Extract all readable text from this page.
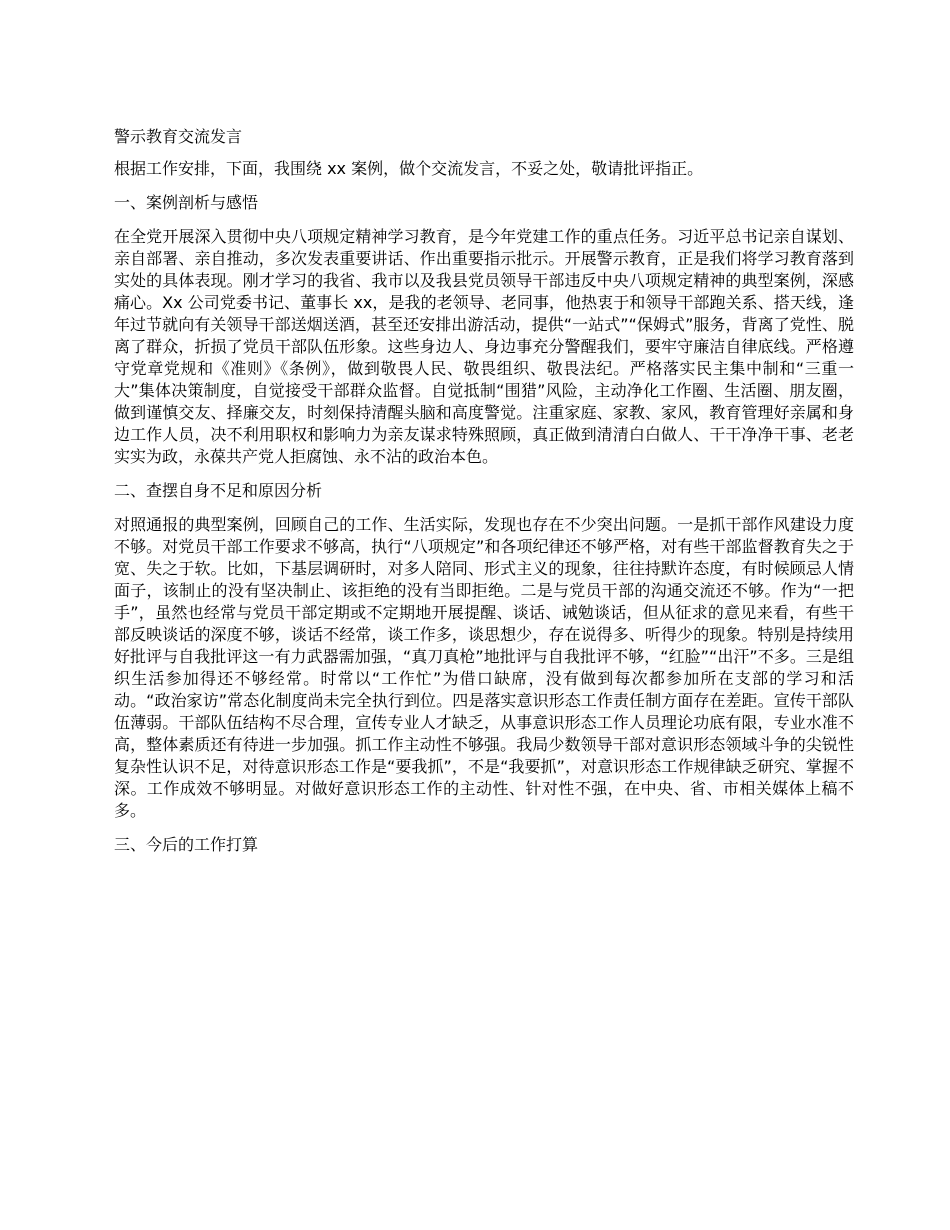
警示教育交流发言

根据工作安排，下面，我围绕 xx 案例，做个交流发言，不妥之处，敬请批评指正。

一、案例剖析与感悟

在全党开展深入贯彻中央八项规定精神学习教育，是今年党建工作的重点任务。习近平总书记亲自谋划、亲自部署、亲自推动，多次发表重要讲话、作出重要指示批示。开展警示教育，正是我们将学习教育落到实处的具体表现。刚才学习的我省、我市以及我县党员领导干部违反中央八项规定精神的典型案例，深感痛心。Xx 公司党委书记、董事长 xx，是我的老领导、老同事，他热衷于和领导干部跑关系、搭天线，逢年过节就向有关领导干部送烟送酒，甚至还安排出游活动，提供“一站式”“保姆式”服务，背离了党性、脱离了群众，折损了党员干部队伍形象。这些身边人、身边事充分警醒我们，要牢守廉洁自律底线。严格遵守党章党规和《准则》《条例》，做到敬畏人民、敬畏组织、敬畏法纪。严格落实民主集中制和“三重一大”集体决策制度，自觉接受干部群众监督。自觉抵制“围猎”风险，主动净化工作圈、生活圈、朋友圈，做到谨慎交友、择廉交友，时刻保持清醒头脑和高度警觉。注重家庭、家教、家风，教育管理好亲属和身边工作人员，决不利用职权和影响力为亲友谋求特殊照顾，真正做到清清白白做人、干干净净干事、老老实实为政，永葆共产党人拒腐蚀、永不沾的政治本色。

二、查摆自身不足和原因分析

对照通报的典型案例，回顾自己的工作、生活实际，发现也存在不少突出问题。一是抓干部作风建设力度不够。对党员干部工作要求不够高，执行“八项规定”和各项纪律还不够严格，对有些干部监督教育失之于宽、失之于软。比如，下基层调研时，对多人陪同、形式主义的现象，往往持默许态度，有时候顾忌人情面子，该制止的没有坚决制止、该拒绝的没有当即拒绝。二是与党员干部的沟通交流还不够。作为“一把手”，虽然也经常与党员干部定期或不定期地开展提醒、谈话、诫勉谈话，但从征求的意见来看，有些干部反映谈话的深度不够，谈话不经常，谈工作多，谈思想少，存在说得多、听得少的现象。特别是持续用好批评与自我批评这一有力武器需加强，“真刀真枪”地批评与自我批评不够，“红脸”“出汗”不多。三是组织生活参加得还不够经常。时常以“工作忙”为借口缺席，没有做到每次都参加所在支部的学习和活动。“政治家访”常态化制度尚未完全执行到位。四是落实意识形态工作责任制方面存在差距。宣传干部队伍薄弱。干部队伍结构不尽合理，宣传专业人才缺乏，从事意识形态工作人员理论功底有限，专业水准不高，整体素质还有待进一步加强。抓工作主动性不够强。我局少数领导干部对意识形态领域斗争的尖锐性复杂性认识不足，对待意识形态工作是“要我抓”，不是“我要抓”，对意识形态工作规律缺乏研究、掌握不深。工作成效不够明显。对做好意识形态工作的主动性、针对性不强，在中央、省、市相关媒体上稿不多。

三、今后的工作打算
